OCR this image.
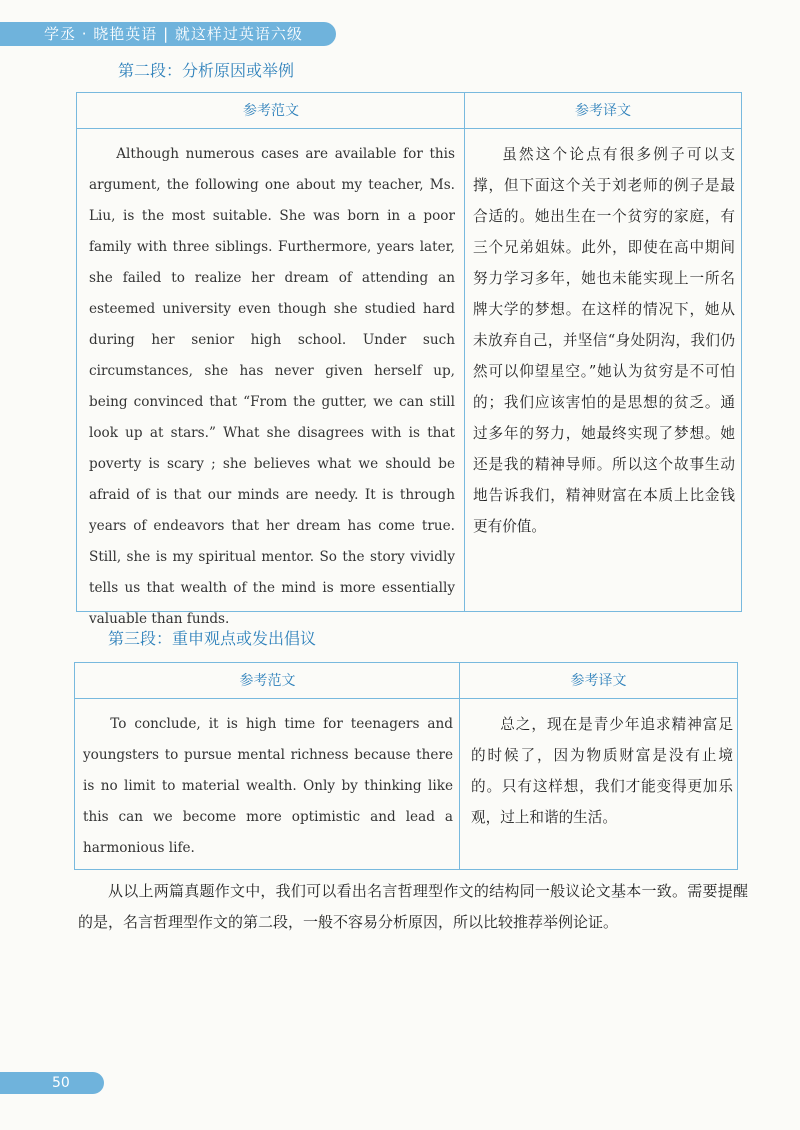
学丞 · 晓艳英语 | 就这样过英语六级
第二段：分析原因或举例
参考范文	参考译文

Although numerous cases are available for this argument, the following one about my teacher, Ms. Liu, is the most suitable. She was born in a poor family with three siblings. Furthermore, years later, she failed to realize her dream of attending an esteemed university even though she studied hard during her senior high school. Under such circumstances, she has never given herself up, being convinced that “From the gutter, we can still look up at stars.” What she disagrees with is that poverty is scary ; she believes what we should be afraid of is that our minds are needy. It is through years of endeavors that her dream has come true. Still, she is my spiritual mentor. So the story vividly tells us that wealth of the mind is more essentially valuable than funds.

虽然这个论点有很多例子可以支撑，但下面这个关于刘老师的例子是最合适的。她出生在一个贫穷的家庭，有三个兄弟姐妹。此外，即使在高中期间努力学习多年，她也未能实现上一所名牌大学的梦想。在这样的情况下，她从未放弃自己，并坚信“身处阴沟，我们仍然可以仰望星空。”她认为贫穷是不可怕的；我们应该害怕的是思想的贫乏。通过多年的努力，她最终实现了梦想。她还是我的精神导师。所以这个故事生动地告诉我们，精神财富在本质上比金钱更有价值。

第三段：重申观点或发出倡议
参考范文	参考译文

To conclude, it is high time for teenagers and youngsters to pursue mental richness because there is no limit to material wealth. Only by thinking like this can we become more optimistic and lead a harmonious life.

总之，现在是青少年追求精神富足的时候了，因为物质财富是没有止境的。只有这样想，我们才能变得更加乐观，过上和谐的生活。

从以上两篇真题作文中，我们可以看出名言哲理型作文的结构同一般议论文基本一致。需要提醒的是，名言哲理型作文的第二段，一般不容易分析原因，所以比较推荐举例论证。

50
